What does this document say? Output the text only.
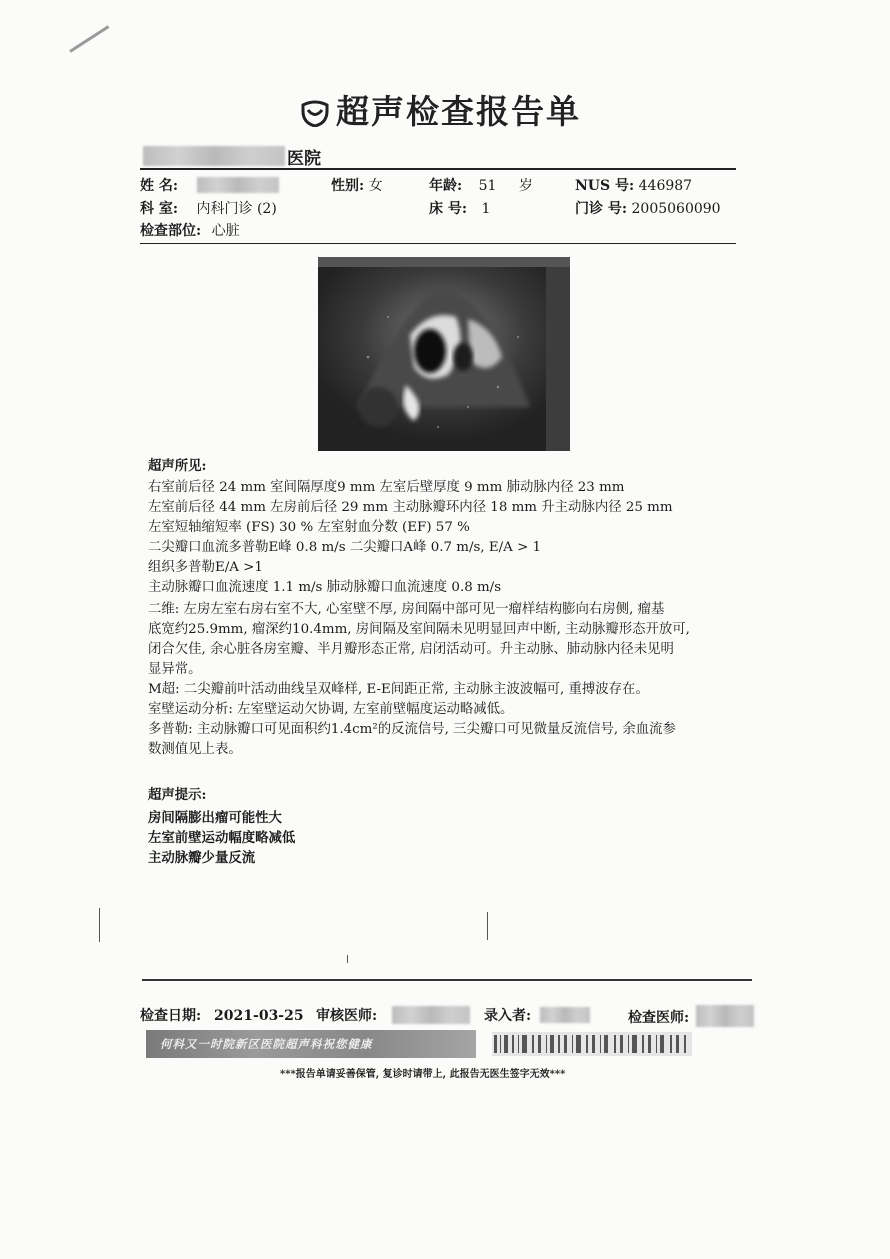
超声检查报告单
医院
姓 名:	性别: 女	年龄: 51 岁	NUS 号: 446987
科 室: 内科门诊 (2)	床 号: 1	门诊 号: 2005060090
检查部位: 心脏
超声所见:
右室前后径 24 mm 室间隔厚度9 mm 左室后壁厚度 9 mm 肺动脉内径 23 mm
左室前后径 44 mm 左房前后径 29 mm 主动脉瓣环内径 18 mm 升主动脉内径 25 mm
左室短轴缩短率 (FS) 30 % 左室射血分数 (EF) 57 %
二尖瓣口血流多普勒E峰 0.8 m/s 二尖瓣口A峰 0.7 m/s, E/A > 1
组织多普勒E/A >1
主动脉瓣口血流速度 1.1 m/s 肺动脉瓣口血流速度 0.8 m/s
二维: 左房左室右房右室不大, 心室壁不厚, 房间隔中部可见一瘤样结构膨向右房侧, 瘤基
底宽约25.9mm, 瘤深约10.4mm, 房间隔及室间隔未见明显回声中断, 主动脉瓣形态开放可,
闭合欠佳, 余心脏各房室瓣、半月瓣形态正常, 启闭活动可。升主动脉、肺动脉内径未见明
显异常。
M超: 二尖瓣前叶活动曲线呈双峰样, E-E间距正常, 主动脉主波波幅可, 重搏波存在。
室壁运动分析: 左室壁运动欠协调, 左室前壁幅度运动略减低。
多普勒: 主动脉瓣口可见面积约1.4cm²的反流信号, 三尖瓣口可见微量反流信号, 余血流参
数测值见上表。
超声提示:
房间隔膨出瘤可能性大
左室前壁运动幅度略减低
主动脉瓣少量反流
检查日期: 2021-03-25 审核医师:	录入者:	检查医师:
何科又一时院新区医院超声科祝您健康
***报告单请妥善保管, 复诊时请带上, 此报告无医生签字无效***
